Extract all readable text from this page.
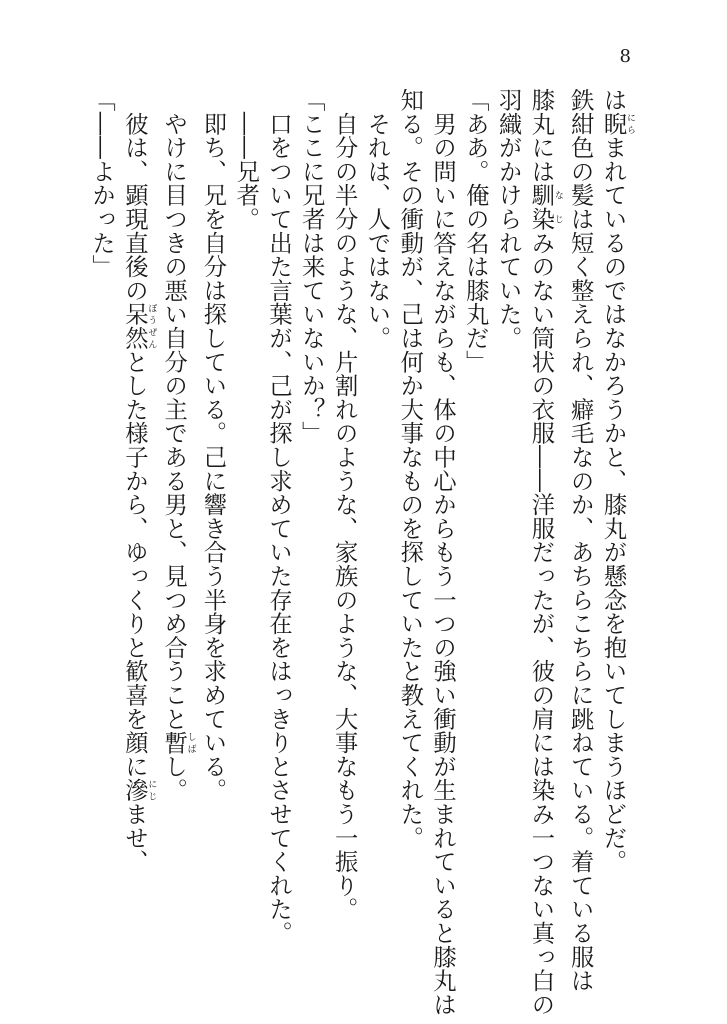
8
は睨にらまれているのではなかろうかと、膝丸が懸念を抱いてしまうほどだ。
鉄紺色の髪は短く整えられ、癖毛なのか、あちらこちらに跳ねている。着ている服は
膝丸には馴染なじみのない筒状の衣服――洋服だったが、彼の肩には染み一つない真っ白の
羽織がかけられていた。
「ああ。俺の名は膝丸だ」
　男の問いに答えながらも、体の中心からもう一つの強い衝動が生まれていると膝丸は
知る。その衝動が、己は何か大事なものを探していたと教えてくれた。
　それは、人ではない。
　自分の半分のような、片割れのような、家族のような、大事なもう一振り。
「ここに兄者は来ていないか？」
　口をついて出た言葉が、己が探し求めていた存在をはっきりとさせてくれた。
　――兄者。
　即ち、兄を自分は探している。己に響き合う半身を求めている。
　やけに目つきの悪い自分の主である男と、見つめ合うこと暫しばし。
　彼は、顕現直後の呆然ぼうぜんとした様子から、ゆっくりと歓喜を顔に滲にじませ、
「――よかった」
